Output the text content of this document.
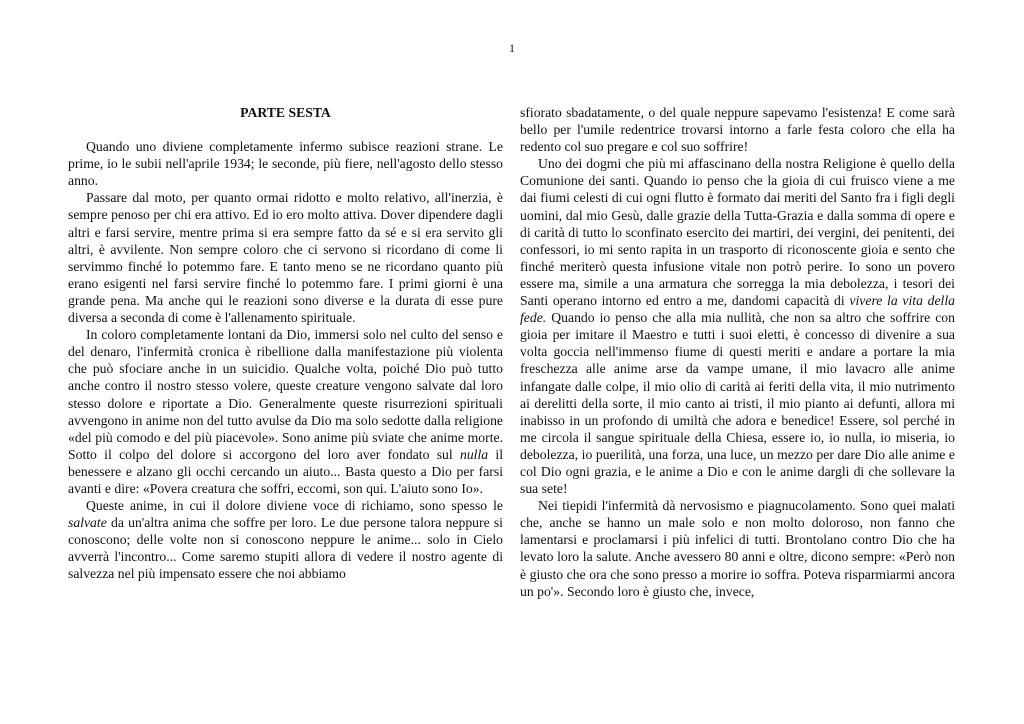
1
PARTE SESTA

Quando uno diviene completamente infermo subisce reazioni strane. Le prime, io le subii nell'aprile 1934; le seconde, più fiere, nell'agosto dello stesso anno.

Passare dal moto, per quanto ormai ridotto e molto relativo, all'inerzia, è sempre penoso per chi era attivo. Ed io ero molto attiva. Dover dipendere dagli altri e farsi servire, mentre prima si era sempre fatto da sé e si era servito gli altri, è avvilente. Non sempre coloro che ci servono si ricordano di come li servimmo finché lo potemmo fare. E tanto meno se ne ricordano quanto più erano esigenti nel farsi servire finché lo potemmo fare. I primi giorni è una grande pena. Ma anche qui le reazioni sono diverse e la durata di esse pure diversa a seconda di come è l'allenamento spirituale.

In coloro completamente lontani da Dio, immersi solo nel culto del senso e del denaro, l'infermità cronica è ribellione dalla manifestazione più violenta che può sfociare anche in un suicidio. Qualche volta, poiché Dio può tutto anche contro il nostro stesso volere, queste creature vengono salvate dal loro stesso dolore e riportate a Dio. Generalmente queste risurrezioni spirituali avvengono in anime non del tutto avulse da Dio ma solo sedotte dalla religione «del più comodo e del più piacevole». Sono anime più sviate che anime morte. Sotto il colpo del dolore si accorgono del loro aver fondato sul nulla il benessere e alzano gli occhi cercando un aiuto... Basta questo a Dio per farsi avanti e dire: «Povera creatura che soffri, eccomi, son qui. L'aiuto sono Io».

Queste anime, in cui il dolore diviene voce di richiamo, sono spesso le salvate da un'altra anima che soffre per loro. Le due persone talora neppure si conoscono; delle volte non si conoscono neppure le anime... solo in Cielo avverrà l'incontro... Come saremo stupiti allora di vedere il nostro agente di salvezza nel più impensato essere che noi abbiamo

sfiorato sbadatamente, o del quale neppure sapevamo l'esistenza! E come sarà bello per l'umile redentrice trovarsi intorno a farle festa coloro che ella ha redento col suo pregare e col suo soffrire!

Uno dei dogmi che più mi affascinano della nostra Religione è quello della Comunione dei santi. Quando io penso che la gioia di cui fruisco viene a me dai fiumi celesti di cui ogni flutto è formato dai meriti del Santo fra i figli degli uomini, dal mio Gesù, dalle grazie della Tutta-Grazia e dalla somma di opere e di carità di tutto lo sconfinato esercito dei martiri, dei vergini, dei penitenti, dei confessori, io mi sento rapita in un trasporto di riconoscente gioia e sento che finché meriterò questa infusione vitale non potrò perire. Io sono un povero essere ma, simile a una armatura che sorregga la mia debolezza, i tesori dei Santi operano intorno ed entro a me, dandomi capacità di vivere la vita della fede. Quando io penso che alla mia nullità, che non sa altro che soffrire con gioia per imitare il Maestro e tutti i suoi eletti, è concesso di divenire a sua volta goccia nell'immenso fiume di questi meriti e andare a portare la mia freschezza alle anime arse da vampe umane, il mio lavacro alle anime infangate dalle colpe, il mio olio di carità ai feriti della vita, il mio nutrimento ai derelitti della sorte, il mio canto ai tristi, il mio pianto ai defunti, allora mi inabisso in un profondo di umiltà che adora e benedice! Essere, sol perché in me circola il sangue spirituale della Chiesa, essere io, io nulla, io miseria, io debolezza, io puerilità, una forza, una luce, un mezzo per dare Dio alle anime e col Dio ogni grazia, e le anime a Dio e con le anime dargli di che sollevare la sua sete!

Nei tiepidi l'infermità dà nervosismo e piagnucolamento. Sono quei malati che, anche se hanno un male solo e non molto doloroso, non fanno che lamentarsi e proclamarsi i più infelici di tutti. Brontolano contro Dio che ha levato loro la salute. Anche avessero 80 anni e oltre, dicono sempre: «Però non è giusto che ora che sono presso a morire io soffra. Poteva risparmiarmi ancora un po'». Secondo loro è giusto che, invece,
